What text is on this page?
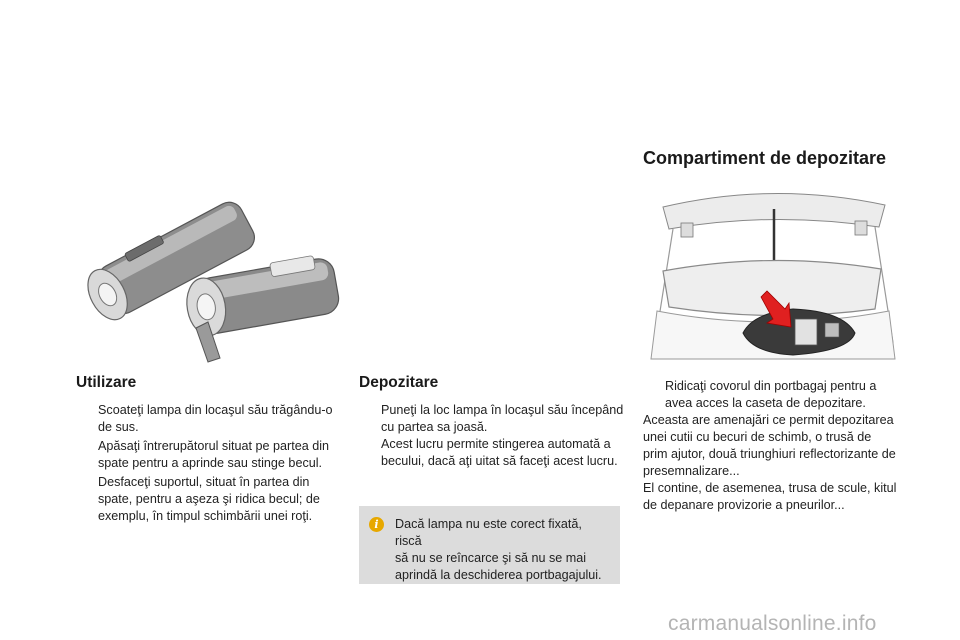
Utilizare
Scoateţi lampa din locaşul său trăgându-o
de sus.
Apăsaţi întrerupătorul situat pe partea din
spate pentru a aprinde sau stinge becul.
Desfaceţi suportul, situat în partea din
spate, pentru a aşeza şi ridica becul; de
exemplu, în timpul schimbării unei roţi.
Depozitare
Puneţi la loc lampa în locaşul său începând
cu partea sa joasă.
Acest lucru permite stingerea automată a
becului, dacă aţi uitat să faceţi acest lucru.
i	Dacă lampa nu este corect fixată, riscă
să nu se reîncarce şi să nu se mai
aprindă la deschiderea portbagajului.
Compartiment de depozitare
Ridicaţi covorul din portbagaj pentru a
avea acces la caseta de depozitare.

Aceasta are amenajări ce permit depozitarea

unei cutii cu becuri de schimb, o trusă de

prim ajutor, două triunghiuri reflectorizante de

presemnalizare...

El contine, de asemenea, trusa de scule, kitul

de depanare provizorie a pneurilor...

carmanualsonline.info
